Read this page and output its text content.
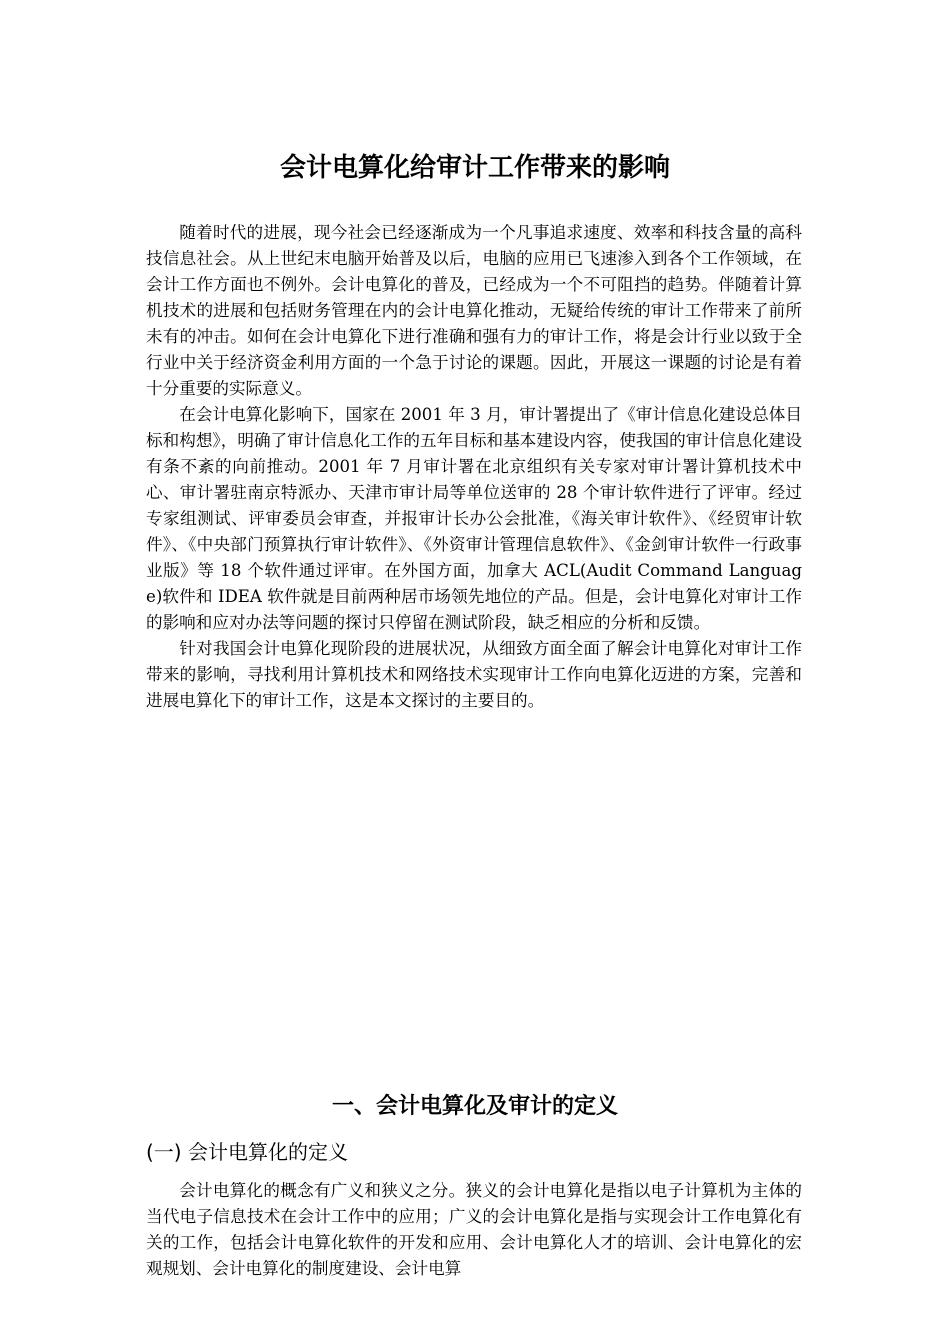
会计电算化给审计工作带来的影响

随着时代的进展，现今社会已经逐渐成为一个凡事追求速度、效率和科技含量的高科技信息社会。从上世纪末电脑开始普及以后，电脑的应用已飞速渗入到各个工作领域，在会计工作方面也不例外。会计电算化的普及，已经成为一个不可阻挡的趋势。伴随着计算机技术的进展和包括财务管理在内的会计电算化推动，无疑给传统的审计工作带来了前所未有的冲击。如何在会计电算化下进行准确和强有力的审计工作，将是会计行业以致于全行业中关于经济资金利用方面的一个急于讨论的课题。因此，开展这一课题的讨论是有着十分重要的实际意义。

在会计电算化影响下，国家在 2001 年 3 月，审计署提出了《审计信息化建设总体目标和构想》，明确了审计信息化工作的五年目标和基本建设内容，使我国的审计信息化建设有条不紊的向前推动。2001 年 7 月审计署在北京组织有关专家对审计署计算机技术中心、审计署驻南京特派办、天津市审计局等单位送审的 28 个审计软件进行了评审。经过专家组测试、评审委员会审查，并报审计长办公会批准，《海关审计软件》、《经贸审计软件》、《中央部门预算执行审计软件》、《外资审计管理信息软件》、《金剑审计软件一行政事业版》等 18 个软件通过评审。在外国方面，加拿大 ACL(Audit Command Language)软件和 IDEA 软件就是目前两种居市场领先地位的产品。但是，会计电算化对审计工作的影响和应对办法等问题的探讨只停留在测试阶段，缺乏相应的分析和反馈。

针对我国会计电算化现阶段的进展状况，从细致方面全面了解会计电算化对审计工作带来的影响，寻找利用计算机技术和网络技术实现审计工作向电算化迈进的方案，完善和进展电算化下的审计工作，这是本文探讨的主要目的。

一、会计电算化及审计的定义
(一) 会计电算化的定义

会计电算化的概念有广义和狭义之分。狭义的会计电算化是指以电子计算机为主体的当代电子信息技术在会计工作中的应用；广义的会计电算化是指与实现会计工作电算化有关的工作，包括会计电算化软件的开发和应用、会计电算化人才的培训、会计电算化的宏观规划、会计电算化的制度建设、会计电算
